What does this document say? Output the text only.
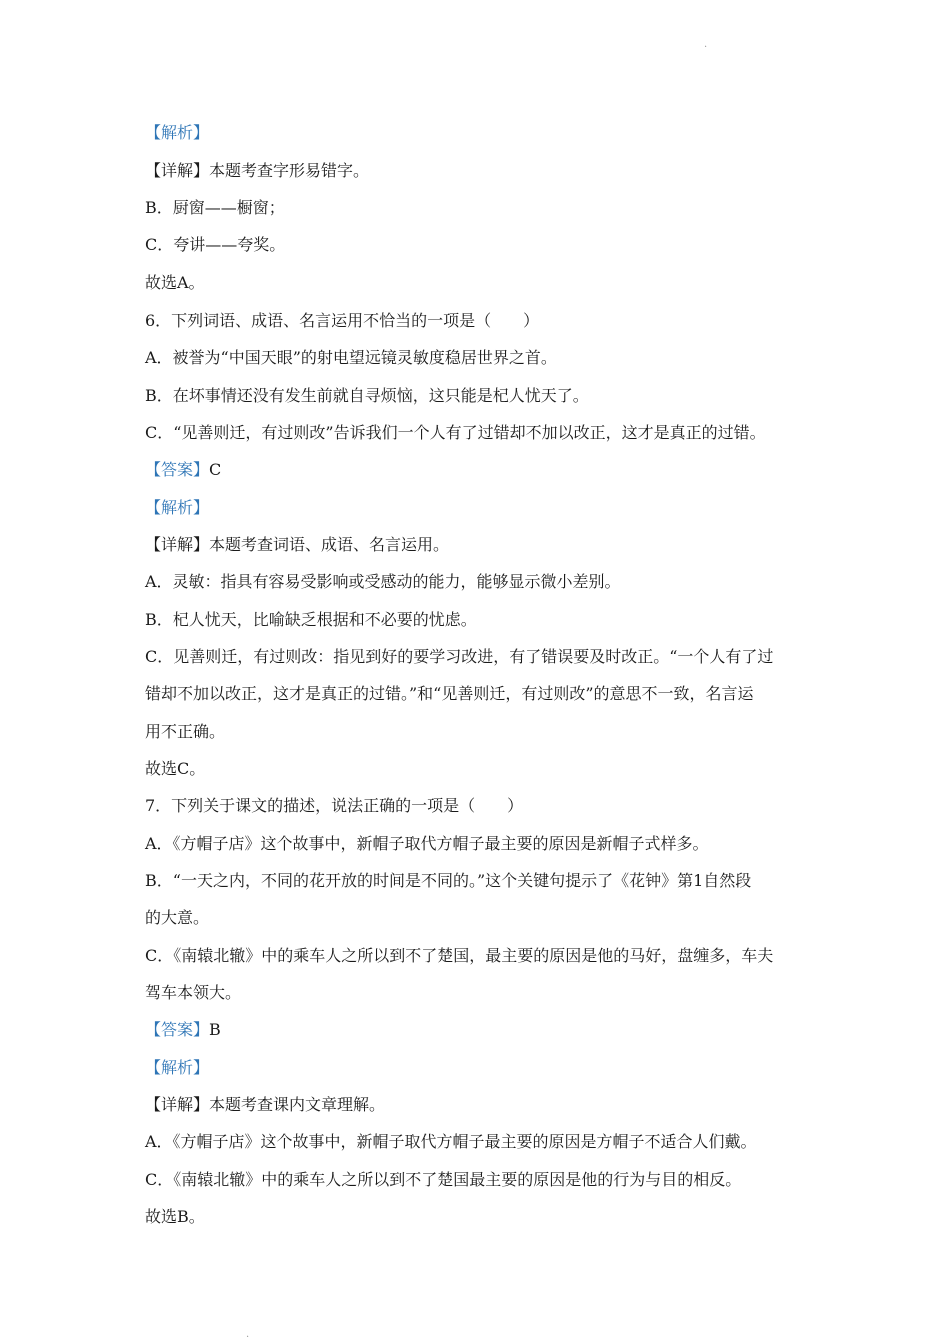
.
【解析】
【详解】本题考查字形易错字。
B．厨窗——橱窗；
C．夸讲——夸奖。
故选A。
6．下列词语、成语、名言运用不恰当的一项是（　　）
A．被誉为“中国天眼”的射电望远镜灵敏度稳居世界之首。
B．在坏事情还没有发生前就自寻烦恼，这只能是杞人忧天了。
C．“见善则迁，有过则改”告诉我们一个人有了过错却不加以改正，这才是真正的过错。
【答案】C
【解析】
【详解】本题考查词语、成语、名言运用。
A．灵敏：指具有容易受影响或受感动的能力，能够显示微小差别。
B．杞人忧天，比喻缺乏根据和不必要的忧虑。
C．见善则迁，有过则改：指见到好的要学习改进，有了错误要及时改正。“一个人有了过
错却不加以改正，这才是真正的过错。”和“见善则迁，有过则改”的意思不一致，名言运
用不正确。
故选C。
7．下列关于课文的描述，说法正确的一项是（　　）
A．《方帽子店》这个故事中，新帽子取代方帽子最主要的原因是新帽子式样多。
B．“一天之内，不同的花开放的时间是不同的。”这个关键句提示了《花钟》第1自然段
的大意。
C．《南辕北辙》中的乘车人之所以到不了楚国，最主要的原因是他的马好，盘缠多，车夫
驾车本领大。
【答案】B
【解析】
【详解】本题考查课内文章理解。
A．《方帽子店》这个故事中，新帽子取代方帽子最主要的原因是方帽子不适合人们戴。
C．《南辕北辙》中的乘车人之所以到不了楚国最主要的原因是他的行为与目的相反。
故选B。
.
